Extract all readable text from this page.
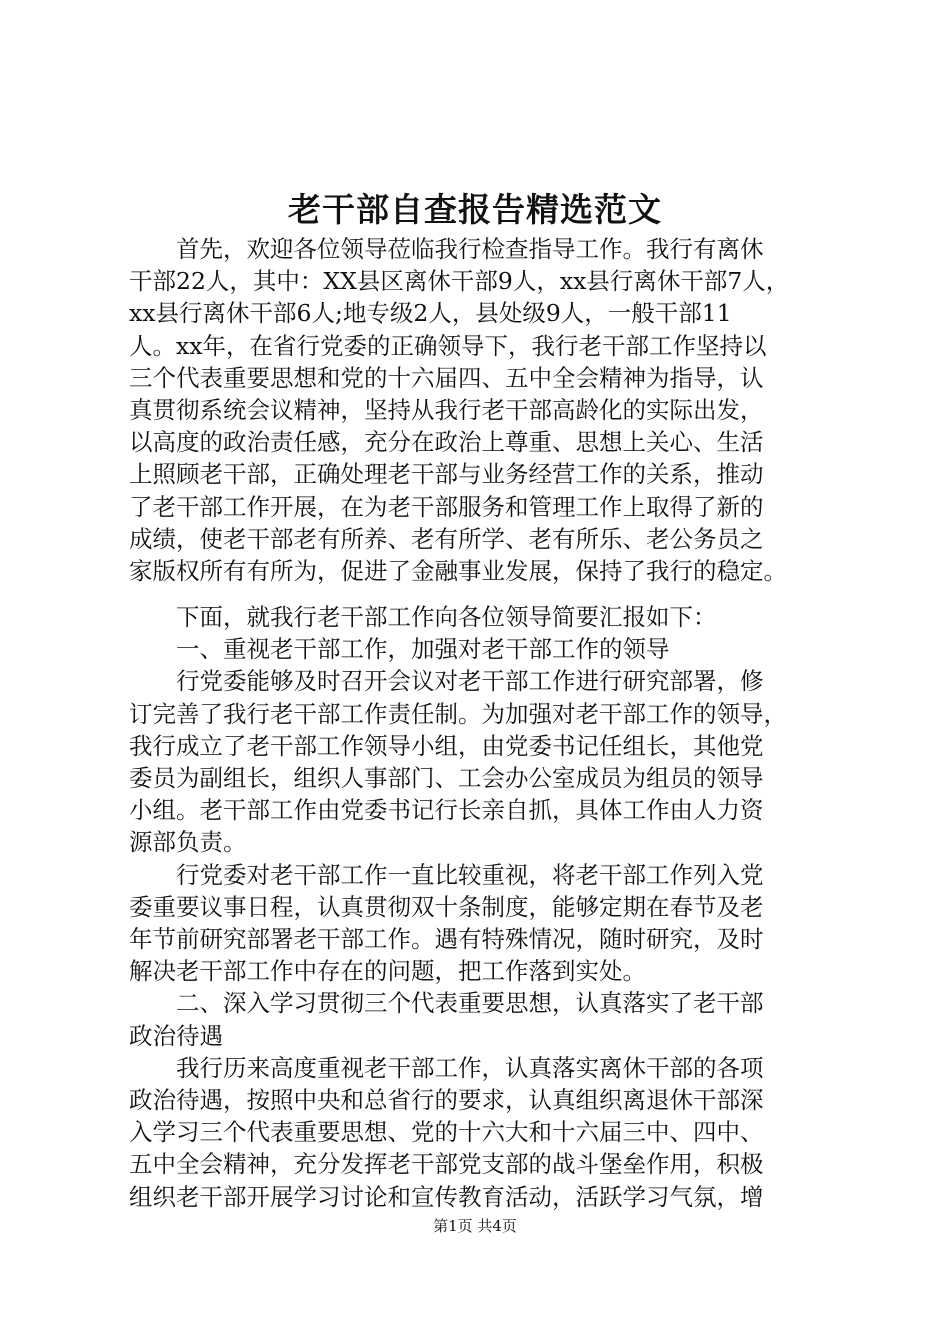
老干部自查报告精选范文
　　首先，欢迎各位领导莅临我行检查指导工作。我行有离休
干部22人，其中：XX县区离休干部9人，xx县行离休干部7人，
xx县行离休干部6人;地专级2人，县处级9人，一般干部11
人。xx年，在省行党委的正确领导下，我行老干部工作坚持以
三个代表重要思想和党的十六届四、五中全会精神为指导，认
真贯彻系统会议精神，坚持从我行老干部高龄化的实际出发，
以高度的政治责任感，充分在政治上尊重、思想上关心、生活
上照顾老干部，正确处理老干部与业务经营工作的关系，推动
了老干部工作开展，在为老干部服务和管理工作上取得了新的
成绩，使老干部老有所养、老有所学、老有所乐、老公务员之
家版权所有有所为，促进了金融事业发展，保持了我行的稳定。
　　下面，就我行老干部工作向各位领导简要汇报如下：
　　一、重视老干部工作，加强对老干部工作的领导
　　行党委能够及时召开会议对老干部工作进行研究部署，修
订完善了我行老干部工作责任制。为加强对老干部工作的领导，
我行成立了老干部工作领导小组，由党委书记任组长，其他党
委员为副组长，组织人事部门、工会办公室成员为组员的领导
小组。老干部工作由党委书记行长亲自抓，具体工作由人力资
源部负责。
　　行党委对老干部工作一直比较重视，将老干部工作列入党
委重要议事日程，认真贯彻双十条制度，能够定期在春节及老
年节前研究部署老干部工作。遇有特殊情况，随时研究，及时
解决老干部工作中存在的问题，把工作落到实处。
　　二、深入学习贯彻三个代表重要思想，认真落实了老干部
政治待遇
　　我行历来高度重视老干部工作，认真落实离休干部的各项
政治待遇，按照中央和总省行的要求，认真组织离退休干部深
入学习三个代表重要思想、党的十六大和十六届三中、四中、
五中全会精神，充分发挥老干部党支部的战斗堡垒作用，积极
组织老干部开展学习讨论和宣传教育活动，活跃学习气氛，增
第1页 共4页
